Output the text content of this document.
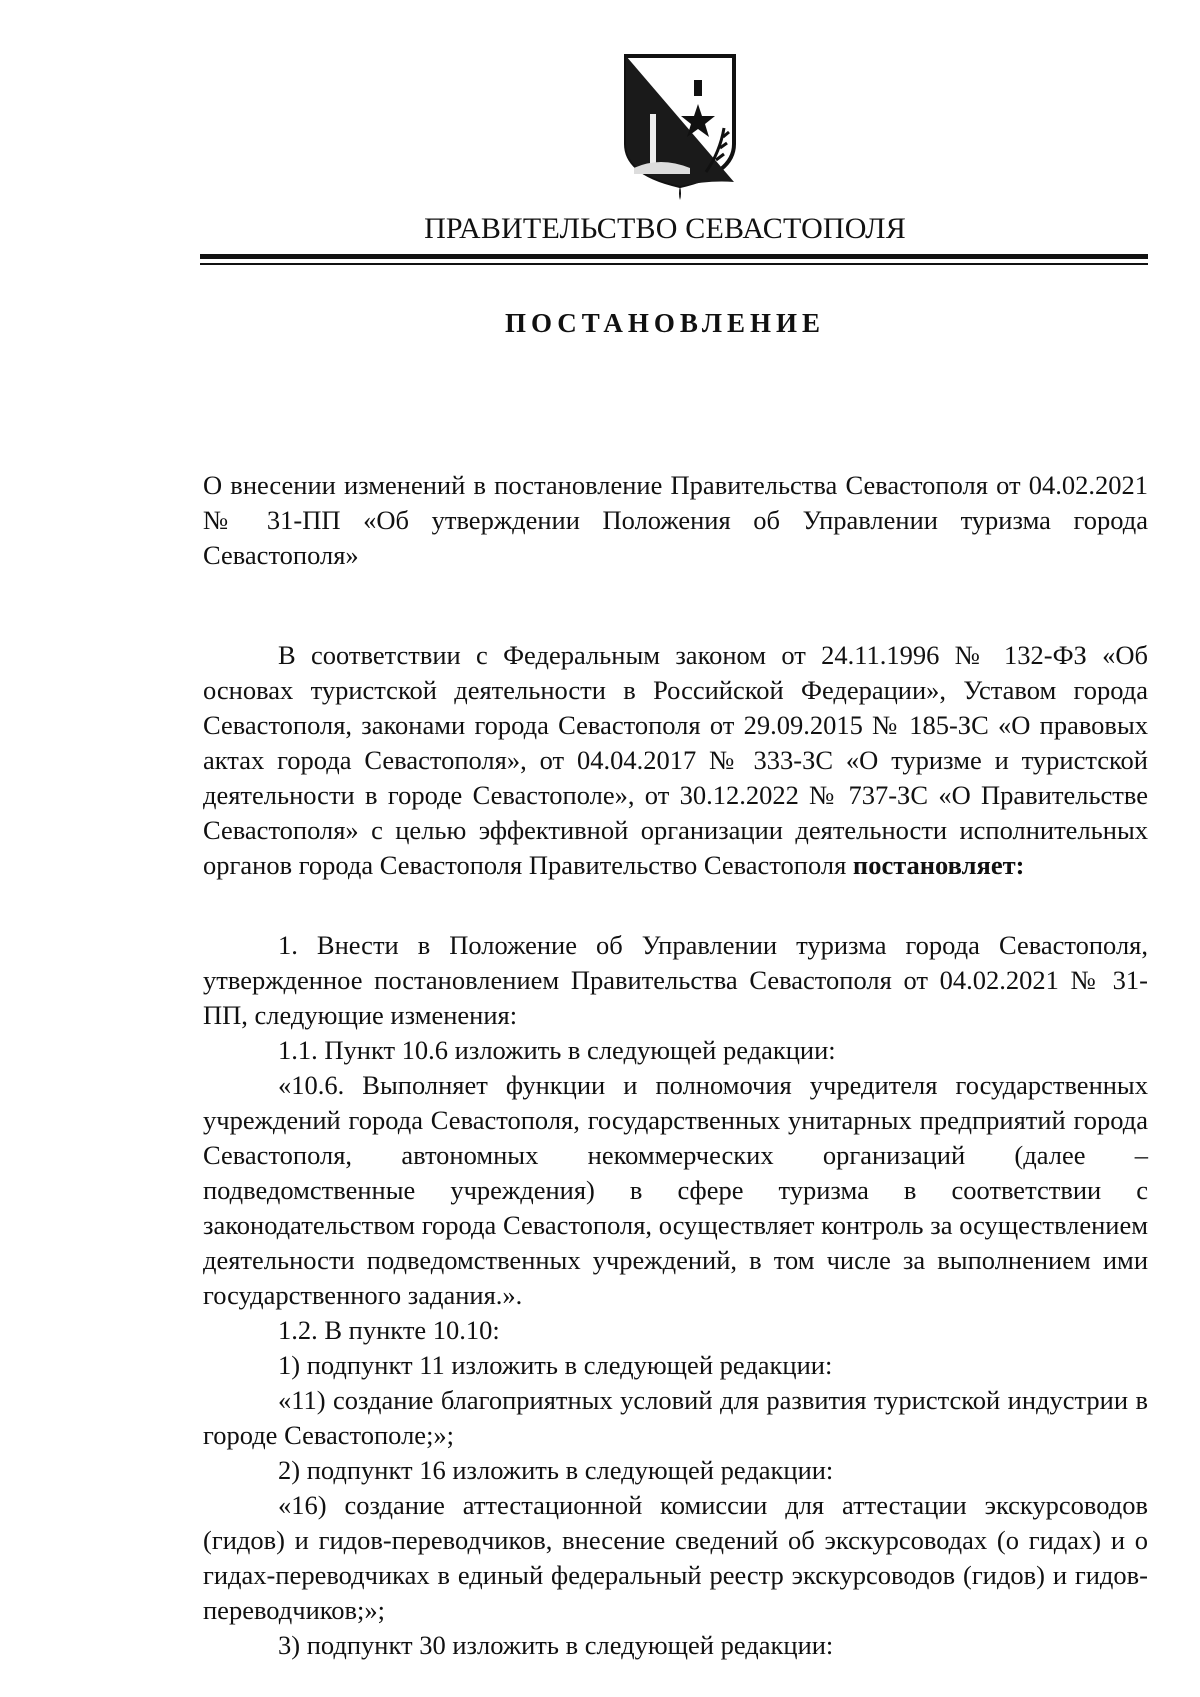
ПРАВИТЕЛЬСТВО СЕВАСТОПОЛЯ
ПОСТАНОВЛЕНИЕ

О внесении изменений в постановление Правительства Севастополя от 04.02.2021 № 31-ПП «Об утверждении Положения об Управлении туризма города Севастополя»

В соответствии с Федеральным законом от 24.11.1996 № 132-ФЗ «Об основах туристской деятельности в Российской Федерации», Уставом города Севастополя, законами города Севастополя от 29.09.2015 № 185-ЗС «О правовых актах города Севастополя», от 04.04.2017 № 333-ЗС «О туризме и туристской деятельности в городе Севастополе», от 30.12.2022 № 737-ЗС «О Правительстве Севастополя» с целью эффективной организации деятельности исполнительных органов города Севастополя Правительство Севастополя постановляет:

1. Внести в Положение об Управлении туризма города Севастополя, утвержденное постановлением Правительства Севастополя от 04.02.2021 № 31-ПП, следующие изменения:

1.1. Пункт 10.6 изложить в следующей редакции:

«10.6. Выполняет функции и полномочия учредителя государственных учреждений города Севастополя, государственных унитарных предприятий города Севастополя, автономных некоммерческих организаций (далее – подведомственные учреждения) в сфере туризма в соответствии с законодательством города Севастополя, осуществляет контроль за осуществлением деятельности подведомственных учреждений, в том числе за выполнением ими государственного задания.».

1.2. В пункте 10.10:

1) подпункт 11 изложить в следующей редакции:

«11) создание благоприятных условий для развития туристской индустрии в городе Севастополе;»;

2) подпункт 16 изложить в следующей редакции:

«16) создание аттестационной комиссии для аттестации экскурсоводов (гидов) и гидов-переводчиков, внесение сведений об экскурсоводах (о гидах) и о гидах-переводчиках в единый федеральный реестр экскурсоводов (гидов) и гидов-переводчиков;»;

3) подпункт 30 изложить в следующей редакции:
